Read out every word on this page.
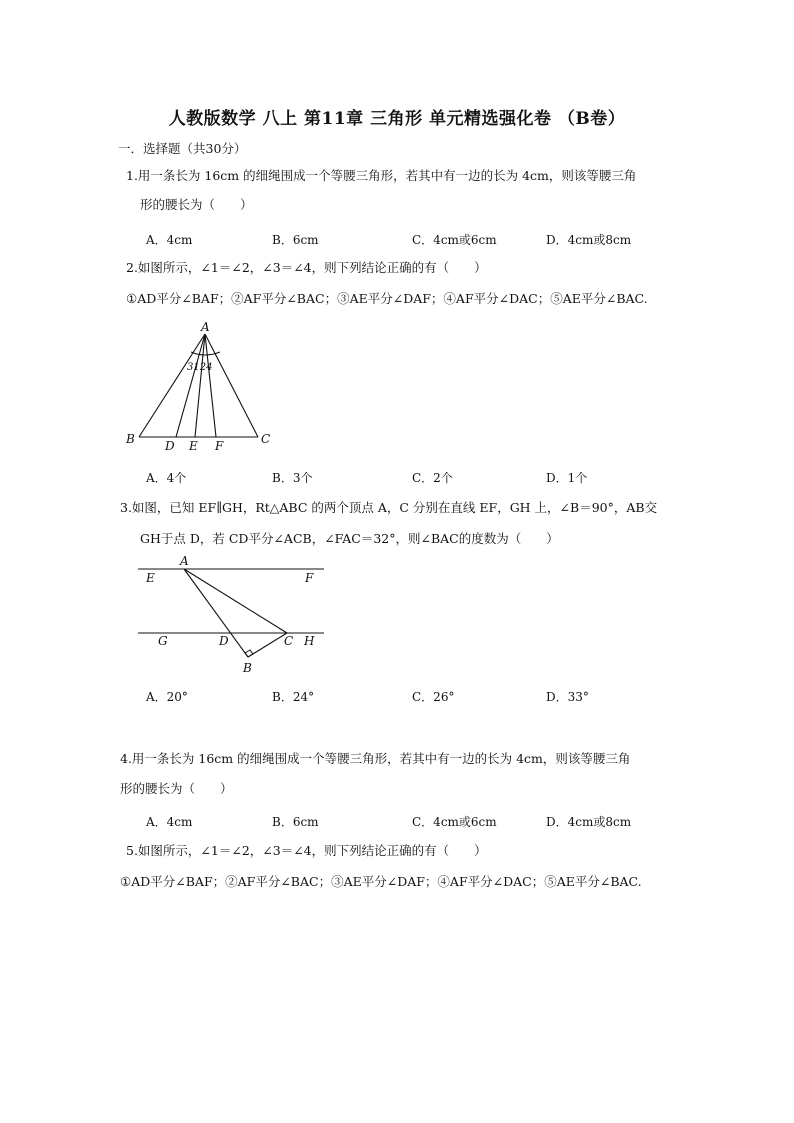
人教版数学 八上 第11章 三角形 单元精选强化卷 （B卷）
一．选择题（共30分）
1.用一条长为 16cm 的细绳围成一个等腰三角形，若其中有一边的长为 4cm，则该等腰三角
形的腰长为（　　）
A．4cm	B．6cm	C．4cm或6cm	D．4cm或8cm
2.如图所示，∠1＝∠2，∠3＝∠4，则下列结论正确的有（　　）
①AD平分∠BAF；②AF平分∠BAC；③AE平分∠DAF；④AF平分∠DAC；⑤AE平分∠BAC.
A
B	C
D E F
3124
A．4个	B．3个	C．2个	D．1个
3.如图，已知 EF∥GH，Rt△ABC 的两个顶点 A，C 分别在直线 EF，GH 上，∠B＝90°，AB交
GH于点 D，若 CD平分∠ACB，∠FAC＝32°，则∠BAC的度数为（　　）
A
E	F
G	D	C H
B
A．20°	B．24°	C．26°	D．33°
4.用一条长为 16cm 的细绳围成一个等腰三角形，若其中有一边的长为 4cm，则该等腰三角
形的腰长为（　　）
A．4cm	B．6cm	C．4cm或6cm	D．4cm或8cm
5.如图所示，∠1＝∠2，∠3＝∠4，则下列结论正确的有（　　）
①AD平分∠BAF；②AF平分∠BAC；③AE平分∠DAF；④AF平分∠DAC；⑤AE平分∠BAC.
